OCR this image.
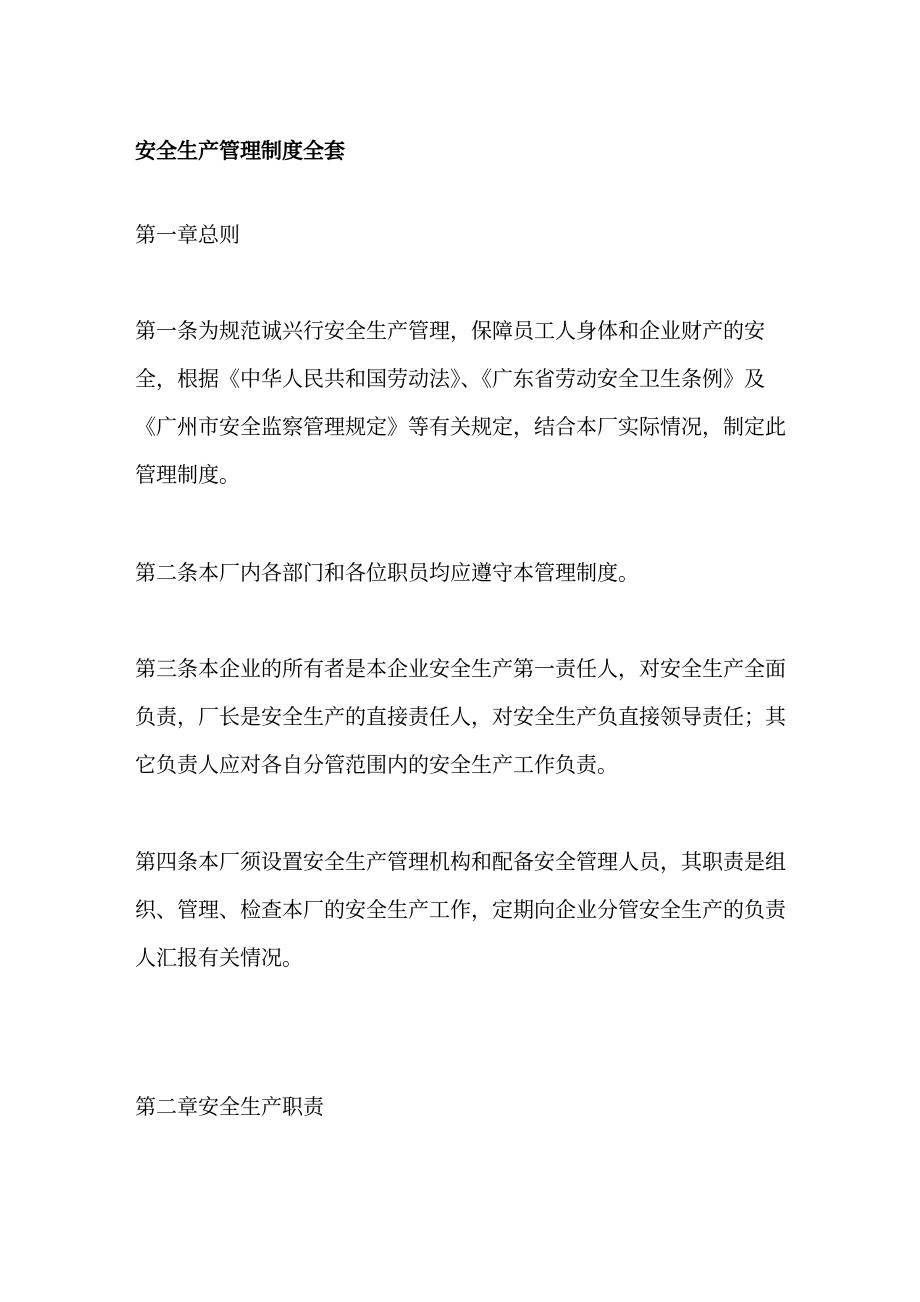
安全生产管理制度全套

第一章总则

第一条为规范诚兴行安全生产管理，保障员工人身体和企业财产的安全，根据《中华人民共和国劳动法》、《广东省劳动安全卫生条例》及《广州市安全监察管理规定》等有关规定，结合本厂实际情况，制定此管理制度。

第二条本厂内各部门和各位职员均应遵守本管理制度。

第三条本企业的所有者是本企业安全生产第一责任人，对安全生产全面负责，厂长是安全生产的直接责任人，对安全生产负直接领导责任；其它负责人应对各自分管范围内的安全生产工作负责。

第四条本厂须设置安全生产管理机构和配备安全管理人员，其职责是组织、管理、检查本厂的安全生产工作，定期向企业分管安全生产的负责人汇报有关情况。

第二章安全生产职责
